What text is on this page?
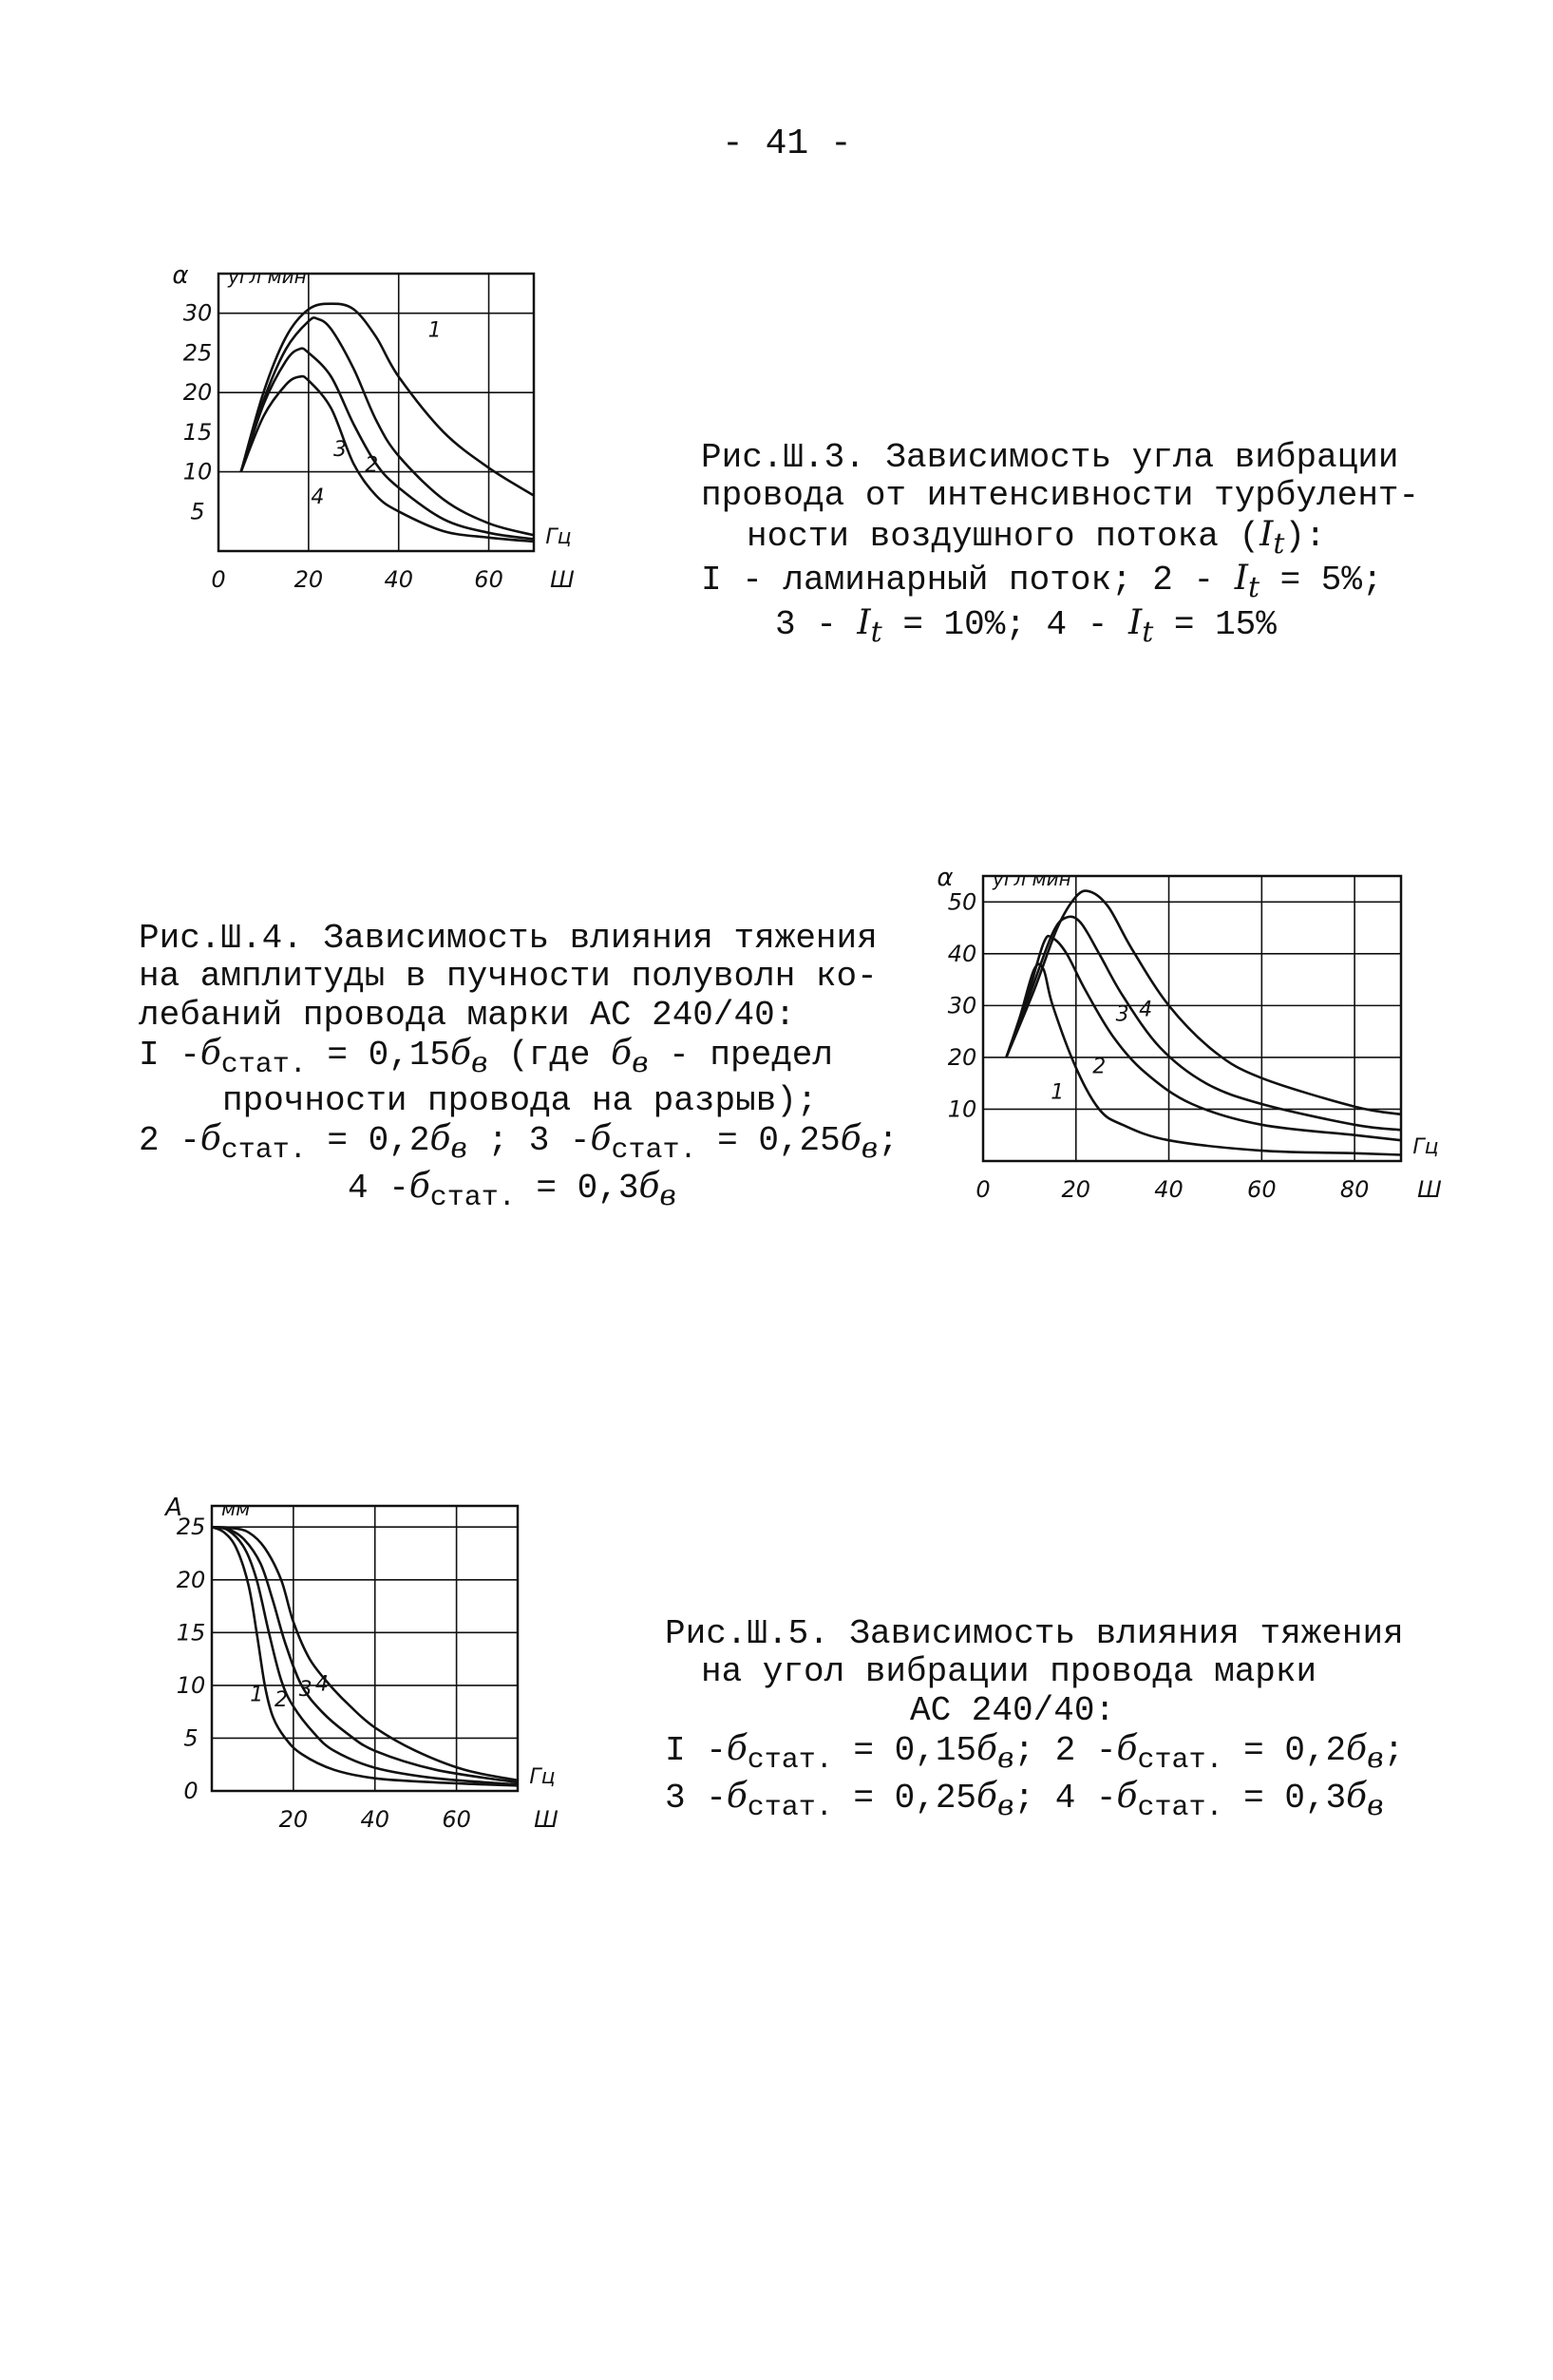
- 41 -
5
10
15
20
25
30
0	20	40	60
α угл мин
Гц
Ш
1
2
3
4
Рис.Ш.3. Зависимость угла вибрации
провода от интенсивности турбулент-
ности воздушного потока $(I_t)$:
I - ламинарный поток; $2 - I_t = 5\%$;
$3 - I_t = 10\%$; $4 - I_t = 15\%$
10
20
30
40
50
0	20	40	60	80
α угл мин
Гц
Ш
1
2
3 4
Рис.Ш.4. Зависимость влияния тяжения
на амплитуды в пучности полуволн ко-
лебаний провода марки АС 240/40:
I $-б_{стат.} = 0,15б_в$ (где $б_в$ - предел
прочности провода на разрыв);
2 $-б_{стат.} = 0,2б_в$ ; 3 $-б_{стат.} = 0,25б_в$;
4 $-б_{стат.} = 0,3б_в$
0
5
10
15
20
25
20 40 60
A мм
Гц
Ш
1 2 3 4
Рис.Ш.5. Зависимость влияния тяжения
на угол вибрации провода марки
АС 240/40:
I $-б_{стат.} = 0,15б_в$; 2 $-б_{стат.} = 0,2б_в$;
3 $-б_{стат.} = 0,25б_в$; 4 $-б_{стат.} = 0,3б_в$
